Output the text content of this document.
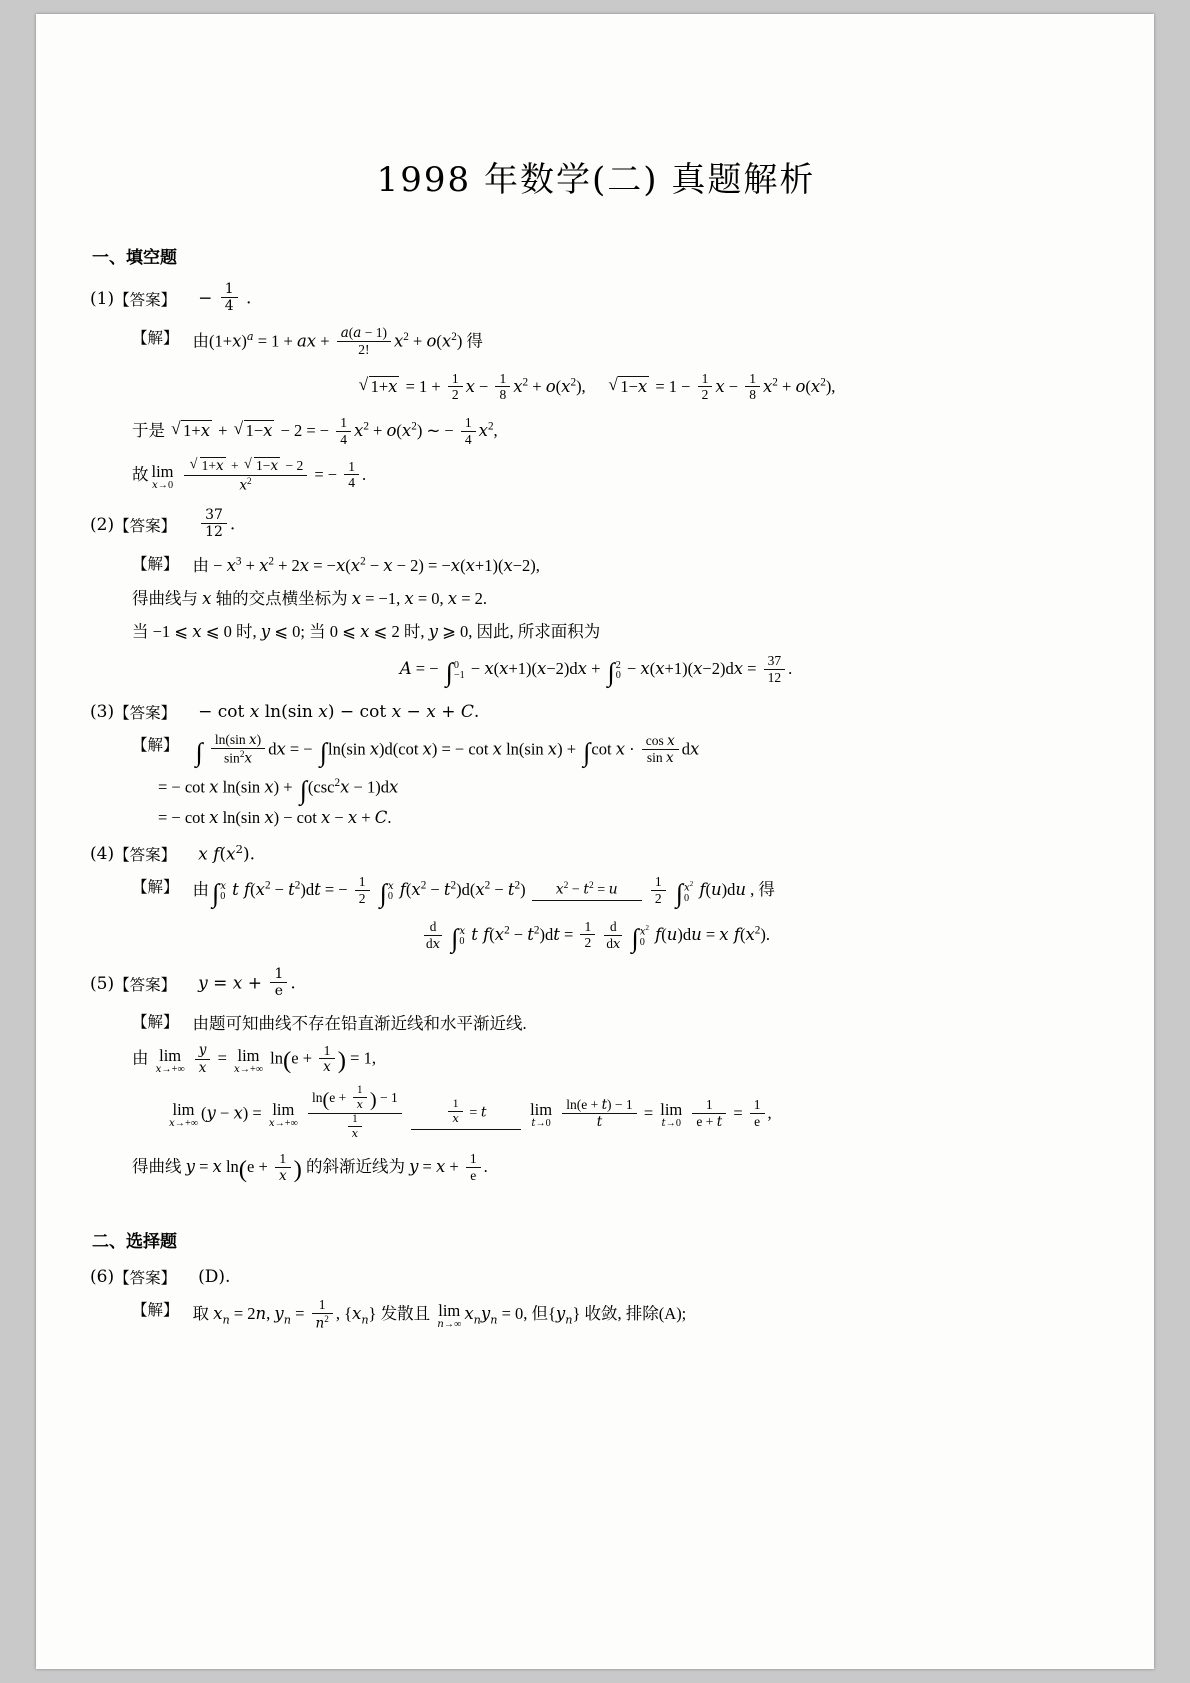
1998 年数学(二) 真题解析
一、填空题
(1) 【答案】 − $\frac{1}{4}$ .
【解】 由$(1+x)^a = 1$ + ax + $\frac{a(a - 1)}{2!} x^2 + o(x^2)$ 得
√ $1+x = 1 + \frac{1}{2}$ $x - \frac{1}{8} x^2 + o(x^2)$,     √ $1-x = 1 - \frac{1}{2}$ $x - \frac{1}{8} x^2 + o(x^2)$,
于是 √ 1+x + √ 1−x − 2 = − $\frac{1}{4} x^2 + o(x^2)$ ∼ − $\frac{1}{4} x^2$,
故 lim
x→0
√ $\frac{1+x + √ 1-x - 2}{x^2}$ = − $\frac{1}{4}$ .
(2) 【答案】 $\frac{37}{12}$ .
【解】 由 − $x^3 + x^2 + 2x = -x(x^2 - x - 2) = -x(x+1)(x-2)$,
得曲线与 x 轴的交点横坐标为 x = −1, x = 0, x = 2.
当 −1 ⩽ x ⩽ 0 时, y ⩽ 0; 当 0 ⩽ x ⩽ 2 时, y ⩾ 0, 因此, 所求面积为
A = − ∫0
−1 − x(x+1)(x−2)dx + ∫2
$0 - x(x+1)(x-2)dx = \frac{37}{12}$ .
(3) 【答案】 − cot x ln(sin x) − cot x − x + C.
【解】 ∫ $\frac{\text{ln(sin x)}}{\sin^2x}$ dx = − ∫ln(sin x)d(cot x) = − cot x ln(sin x) + ∫cot $x \cdot \frac{\text{cos x}}{\text{sin x}}$ dx
= − cot x ln(sin $x) + \int(\csc^2x - 1)dx$
= − cot x ln(sin x) − cot x − x + C.
(4) 【答案】 x $f(x^2)$.
【解】 由 ∫x
0 t $f(x^2 - t^2)dt$ = − $\frac{1}{2} \int x$
0 $f(x^2 - t^2)d(x^2 - t^2)$	$x^2 - t^2 = u$
	$\frac{1}{2} \int x^2$
0 f(u)du , 得
$\frac{d}{dx} \int x$
0 t $f(x^2 - t^2)dt = \frac{1}{2}$
$\frac{d}{dx} \int x^2$
0 f(u)du = x $f(x^2)$.
(5) 【答案】 $y = x + \frac{1}{e}$ .
【解】 由题可知曲线不存在铅直渐近线和水平渐近线.
由 lim
x→+∞
$\frac{y}{x} = \lim$
x→+∞
$\ln(e + \frac{1}{x}$ ) = 1,
lim
x→+∞
(y − x) = lim
x→+∞
$\frac{\ln(e + \frac{1}{x} ) - 1}{\frac{1}{x}}$
	$\frac{1}{x} = t$	lim
t→0
$\frac{\ln(e + t) - 1}{t} = \lim$
t→0
$\frac{1}{e + t} = \frac{1}{e}$ ,
得曲线 y = x $\ln(e + \frac{1}{x}$ ) 的斜渐近线为 $y = x + \frac{1}{e}$ .
二、选择题
(6) 【答案】 (D).
【解】 取 $x_n = 2n$, $y_n = \frac{1}{n^2}$ , $\{x_n\}$ 发散且 lim
n→∞
$x_ny_n = 0$, 但$\{y_n\}$ 收敛, 排除(A);
